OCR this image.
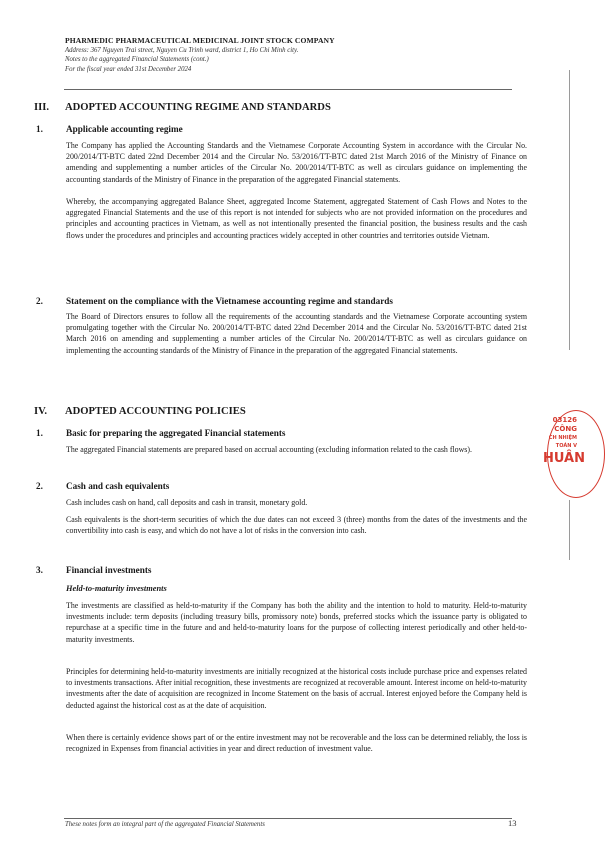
PHARMEDIC PHARMACEUTICAL MEDICINAL JOINT STOCK COMPANY
Address: 367 Nguyen Trai street, Nguyen Cu Trinh ward, district 1, Ho Chi Minh city.
Notes to the aggregated Financial Statements (cont.)
For the fiscal year ended 31st December 2024
III. ADOPTED ACCOUNTING REGIME AND STANDARDS
1.	Applicable accounting regime

The Company has applied the Accounting Standards and the Vietnamese Corporate Accounting System in accordance with the Circular No. 200/2014/TT-BTC dated 22nd December 2014 and the Circular No. 53/2016/TT-BTC dated 21st March 2016 of the Ministry of Finance on amending and supplementing a number articles of the Circular No. 200/2014/TT-BTC as well as circulars guidance on implementing the accounting standards of the Ministry of Finance in the preparation of the aggregated Financial statements.

Whereby, the accompanying aggregated Balance Sheet, aggregated Income Statement, aggregated Statement of Cash Flows and Notes to the aggregated Financial Statements and the use of this report is not intended for subjects who are not provided information on the procedures and principles and accounting practices in Vietnam, as well as not intentionally presented the financial position, the business results and the cash flows under the procedures and principles and accounting practices widely accepted in other countries and territories outside Vietnam.

2.	Statement on the compliance with the Vietnamese accounting regime and standards

The Board of Directors ensures to follow all the requirements of the accounting standards and the Vietnamese Corporate accounting system promulgating together with the Circular No. 200/2014/TT-BTC dated 22nd December 2014 and the Circular No. 53/2016/TT-BTC dated 21st March 2016 on amending and supplementing a number articles of the Circular No. 200/2014/TT-BTC as well as circulars guidance on implementing the accounting standards of the Ministry of Finance in the preparation of the aggregated Financial statements.

IV. ADOPTED ACCOUNTING POLICIES
1.	Basic for preparing the aggregated Financial statements

The aggregated Financial statements are prepared based on accrual accounting (excluding information related to the cash flows).

2.	Cash and cash equivalents

Cash includes cash on hand, call deposits and cash in transit, monetary gold.

Cash equivalents is the short-term securities of which the due dates can not exceed 3 (three) months from the dates of the investments and the convertibility into cash is easy, and which do not have a lot of risks in the conversion into cash.

3.	Financial investments
Held-to-maturity investments

The investments are classified as held-to-maturity if the Company has both the ability and the intention to hold to maturity. Held-to-maturity investments include: term deposits (including treasury bills, promissory note) bonds, preferred stocks which the issuance party is obligated to repurchase at a specific time in the future and and held-to-maturity loans for the purpose of collecting interest periodically and other held-to-maturity investments.

Principles for determining held-to-maturity investments are initially recognized at the historical costs include purchase price and expenses related to investments transactions. After initial recognition, these investments are recognized at recoverable amount. Interest income on held-to-maturity investments after the date of acquisition are recognized in Income Statement on the basis of accrual. Interest enjoyed before the Company held is deducted against the historical cost as at the date of acquisition.

When there is certainly evidence shows part of or the entire investment may not be recoverable and the loss can be determined reliably, the loss is recognized in Expenses from financial activities in year and direct reduction of investment value.

03126
CÔNG
CH NHIỆM
TOÁN V
HUÂN
These notes form an integral part of the aggregated Financial Statements	13
